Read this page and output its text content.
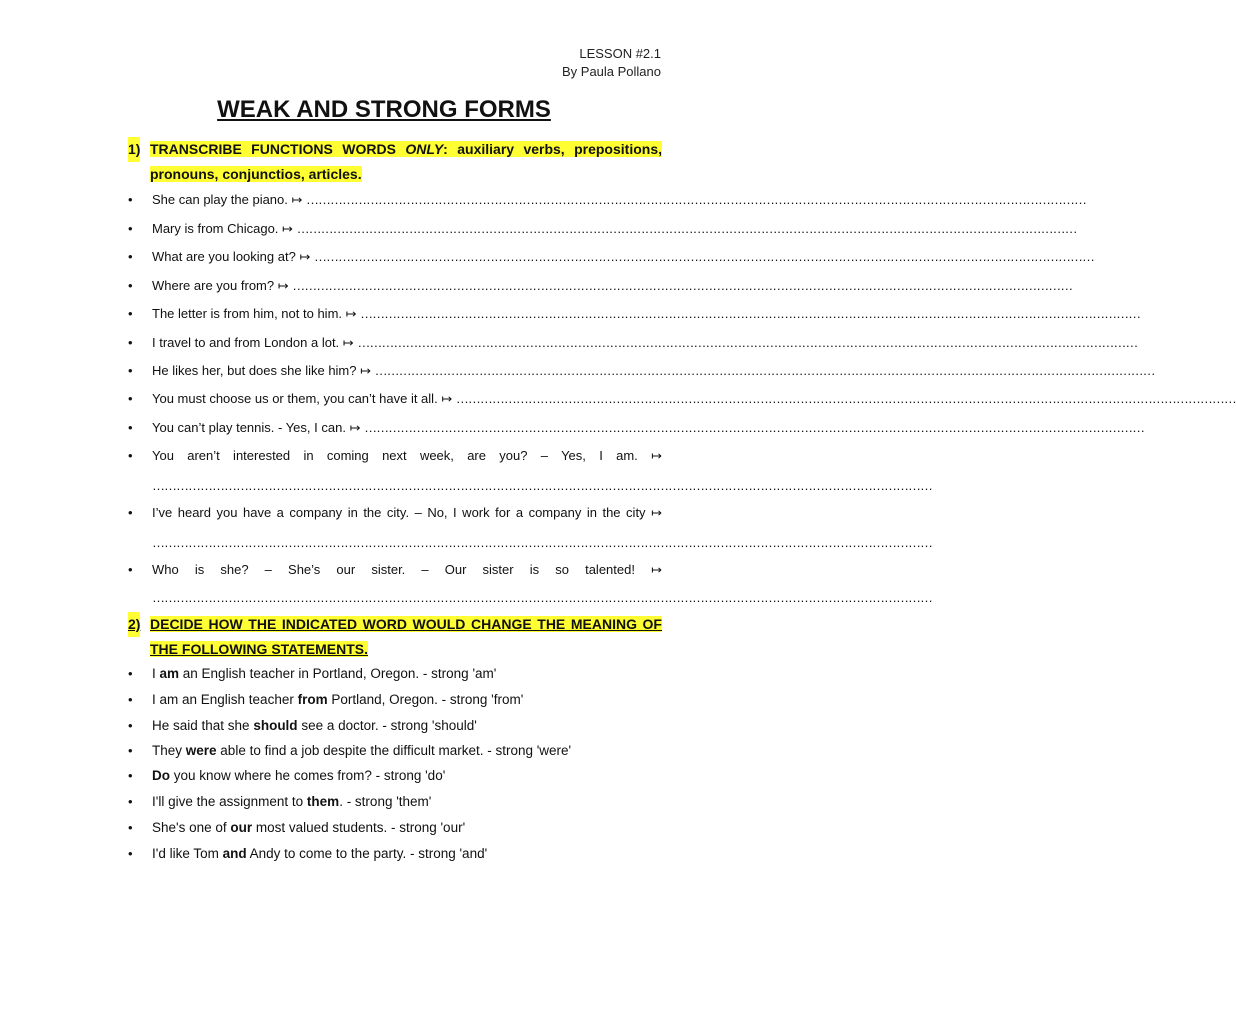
LESSON #2.1
By Paula Pollano
WEAK AND STRONG FORMS
1) TRANSCRIBE FUNCTIONS WORDS ONLY: auxiliary verbs, prepositions,
pronouns, conjunctios, articles.
• She can play the piano. ↦ ……………………………………………………………………………………………………………………………………………………………………………
• Mary is from Chicago. ↦ ……………………………………………………………………………………………………………………………………………………………………………
• What are you looking at? ↦ ……………………………………………………………………………………………………………………………………………………………………………
• Where are you from? ↦ ……………………………………………………………………………………………………………………………………………………………………………
• The letter is from him, not to him. ↦ ……………………………………………………………………………………………………………………………………………………………………………
• I travel to and from London a lot. ↦ ……………………………………………………………………………………………………………………………………………………………………………
• He likes her, but does she like him? ↦ ……………………………………………………………………………………………………………………………………………………………………………
• You must choose us or them, you can’t have it all. ↦ ……………………………………………………………………………………………………………………………………………………………………………
• You can’t play tennis. - Yes, I can. ↦ ……………………………………………………………………………………………………………………………………………………………………………
• You aren’t interested in coming next week, are you? – Yes, I am. ↦
……………………………………………………………………………………………………………………………………………………………………………
• I’ve heard you have a company in the city. – No, I work for a company in the city ↦
……………………………………………………………………………………………………………………………………………………………………………
• Who is she? – She’s our sister. – Our sister is so talented! ↦
……………………………………………………………………………………………………………………………………………………………………………
2) DECIDE HOW THE INDICATED WORD WOULD CHANGE THE MEANING OF
THE FOLLOWING STATEMENTS.
• I am an English teacher in Portland, Oregon. - strong 'am'
• I am an English teacher from Portland, Oregon. - strong 'from'
• He said that she should see a doctor. - strong 'should'
• They were able to find a job despite the difficult market. - strong 'were'
• Do you know where he comes from? - strong 'do'
• I'll give the assignment to them. - strong 'them'
• She's one of our most valued students. - strong 'our'
• I'd like Tom and Andy to come to the party. - strong 'and'
